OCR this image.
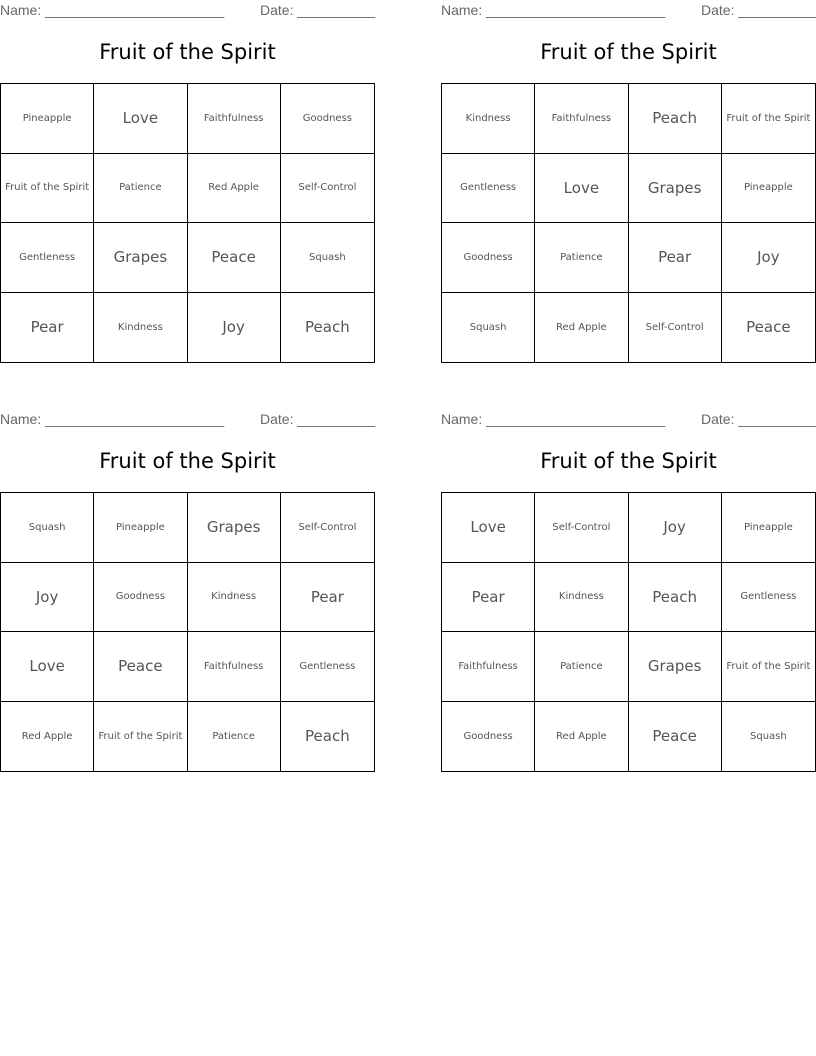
Name: _______________________	Date: __________
Fruit of the Spirit
Pineapple	Love	Faithfulness	Goodness
Fruit of the Spirit	Patience	Red Apple	Self-Control
Gentleness	Grapes	Peace	Squash
Pear	Kindness	Joy	Peach
Name: _______________________	Date: __________
Fruit of the Spirit
Kindness	Faithfulness	Peach	Fruit of the Spirit
Gentleness	Love	Grapes	Pineapple
Goodness	Patience	Pear	Joy
Squash	Red Apple	Self-Control	Peace
Name: _______________________	Date: __________
Fruit of the Spirit
Squash	Pineapple	Grapes	Self-Control
Joy	Goodness	Kindness	Pear
Love	Peace	Faithfulness	Gentleness
Red Apple	Fruit of the Spirit	Patience	Peach
Name: _______________________	Date: __________
Fruit of the Spirit
Love	Self-Control	Joy	Pineapple
Pear	Kindness	Peach	Gentleness
Faithfulness	Patience	Grapes	Fruit of the Spirit
Goodness	Red Apple	Peace	Squash
